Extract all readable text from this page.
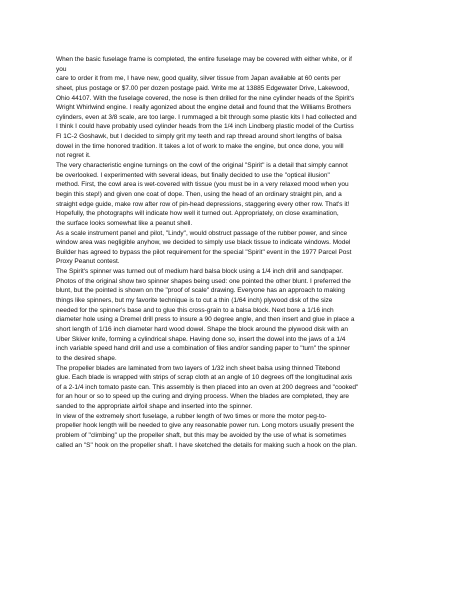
When the basic fuselage frame is completed, the entire fuselage may be covered with either white, or if
you
care to order it from me, I have new, good quality, silver tissue from Japan available at 60 cents per
sheet, plus postage or $7.00 per dozen postage paid. Write me at 13885 Edgewater Drive, Lakewood,
Ohio 44107. With the fuselage covered, the nose is then drilled for the nine cylinder heads of the Spirit's
Wright Whirlwind engine. I really agonized about the engine detail and found that the Williams Brothers
cylinders, even at 3/8 scale, are too large. I rummaged a bit through some plastic kits I had collected and
I think I could have probably used cylinder heads from the 1/4 inch Lindberg plastic model of the Curtiss
Fl 1C-2 Goshawk, but I decided to simply grit my teeth and rap thread around short lengths of balsa
dowel in the time honored tradition. It takes a lot of work to make the engine, but once done, you will
not regret it.
The very characteristic engine turnings on the cowl of the original "Spirit" is a detail that simply cannot
be overlooked. I experimented with several ideas, but finally decided to use the "optical illusion"
method. First, the cowl area is wet-covered with tissue (you must be in a very relaxed mood when you
begin this step!) and given one coat of dope. Then, using the head of an ordinary straight pin, and a
straight edge guide, make row after row of pin-head depressions, staggering every other row. That's it!
Hopefully, the photographs will indicate how well it turned out. Appropriately, on close examination,
the surface looks somewhat like a peanut shell.
As a scale instrument panel and pilot, "Lindy", would obstruct passage of the rubber power, and since
window area was negligible anyhow, we decided to simply use black tissue to indicate windows. Model
Builder has agreed to bypass the pilot requirement for the special "Spirit" event in the 1977 Parcel Post
Proxy Peanut contest.
The Spirit's spinner was turned out of medium hard balsa block using a 1/4 inch drill and sandpaper.
Photos of the original show two spinner shapes being used: one pointed the other blunt. I preferred the
blunt, but the pointed is shown on the "proof of scale" drawing. Everyone has an approach to making
things like spinners, but my favorite technique is to cut a thin (1/64 inch) plywood disk of the size
needed for the spinner's base and to glue this cross-grain to a balsa block. Next bore a 1/16 inch
diameter hole using a Dremel drill press to insure a 90 degree angle, and then insert and glue in place a
short length of 1/16 inch diameter hard wood dowel. Shape the block around the plywood disk with an
Uber Skiver knife, forming a cylindrical shape. Having done so, insert the dowel into the jaws of a 1/4
inch variable speed hand drill and use a combination of files and/or sanding paper to "turn" the spinner
to the desired shape.
The propeller blades are laminated from two layers of 1/32 inch sheet balsa using thinned Titebond
glue. Each blade is wrapped with strips of scrap cloth at an angle of 10 degrees off the longitudinal axis
of a 2-1/4 inch tomato paste can. This assembly is then placed into an oven at 200 degrees and "cooked"
for an hour or so to speed up the curing and drying process. When the blades are completed, they are
sanded to the appropriate airfoil shape and inserted into the spinner.
In view of the extremely short fuselage, a rubber length of two times or more the motor peg-to-
propeller hook length will be needed to give any reasonable power run. Long motors usually present the
problem of "climbing" up the propeller shaft, but this may be avoided by the use of what is sometimes
called an "S" hook on the propeller shaft. I have sketched the details for making such a hook on the plan.
